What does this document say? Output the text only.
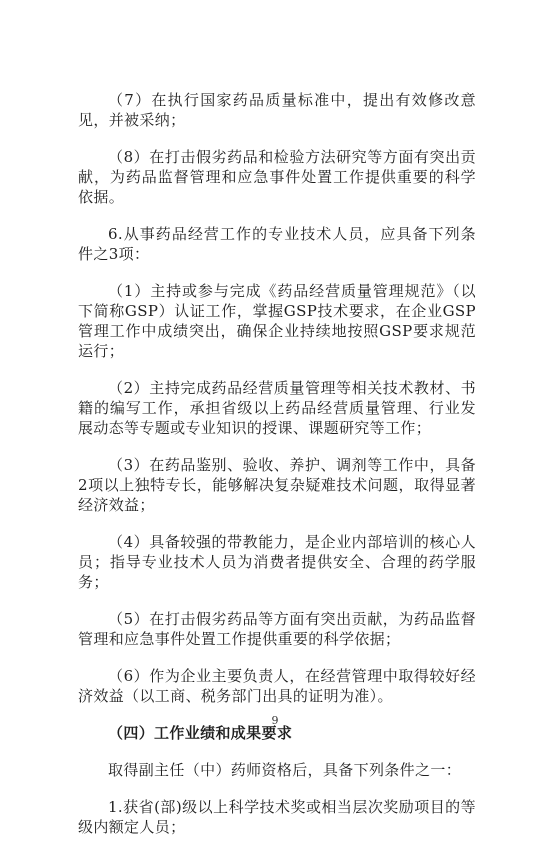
（7）在执行国家药品质量标准中，提出有效修改意见，并被采纳；

（8）在打击假劣药品和检验方法研究等方面有突出贡献，为药品监督管理和应急事件处置工作提供重要的科学依据。

6.从事药品经营工作的专业技术人员，应具备下列条件之3项：

（1）主持或参与完成《药品经营质量管理规范》（以下简称GSP）认证工作，掌握GSP技术要求，在企业GSP管理工作中成绩突出，确保企业持续地按照GSP要求规范运行；

（2）主持完成药品经营质量管理等相关技术教材、书籍的编写工作，承担省级以上药品经营质量管理、行业发展动态等专题或专业知识的授课、课题研究等工作；

（3）在药品鉴别、验收、养护、调剂等工作中，具备2项以上独特专长，能够解决复杂疑难技术问题，取得显著经济效益；

（4）具备较强的带教能力，是企业内部培训的核心人员；指导专业技术人员为消费者提供安全、合理的药学服务；

（5）在打击假劣药品等方面有突出贡献，为药品监督管理和应急事件处置工作提供重要的科学依据；

（6）作为企业主要负责人，在经营管理中取得较好经济效益（以工商、税务部门出具的证明为准）。

（四）工作业绩和成果要求

取得副主任（中）药师资格后，具备下列条件之一：

1.获省(部)级以上科学技术奖或相当层次奖励项目的等级内额定人员；

9
